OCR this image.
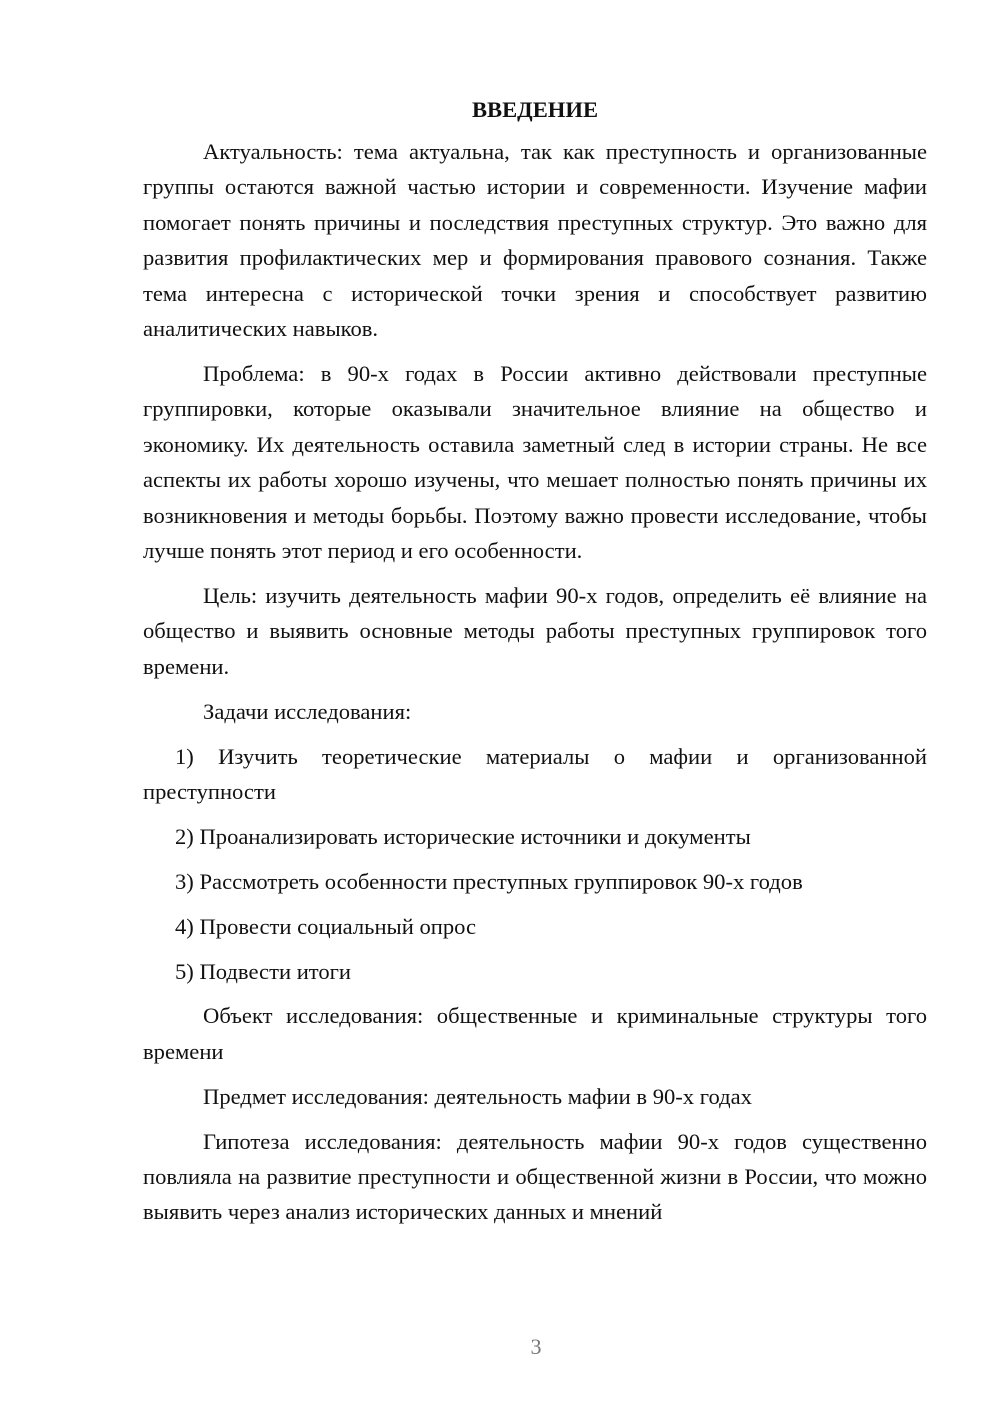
ВВЕДЕНИЕ

Актуальность: тема актуальна, так как преступность и организованные группы остаются важной частью истории и современности. Изучение мафии помогает понять причины и последствия преступных структур. Это важно для развития профилактических мер и формирования правового сознания. Также тема интересна с исторической точки зрения и способствует развитию аналитических навыков.

Проблема: в 90-х годах в России активно действовали преступные группировки, которые оказывали значительное влияние на общество и экономику. Их деятельность оставила заметный след в истории страны. Не все аспекты их работы хорошо изучены, что мешает полностью понять причины их возникновения и методы борьбы. Поэтому важно провести исследование, чтобы лучше понять этот период и его особенности.

Цель: изучить деятельность мафии 90-х годов, определить её влияние на общество и выявить основные методы работы преступных группировок того времени.

Задачи исследования:

1) Изучить теоретические материалы о мафии и организованной преступности

2) Проанализировать исторические источники и документы

3) Рассмотреть особенности преступных группировок 90-х годов

4) Провести социальный опрос

5) Подвести итоги

Объект исследования: общественные и криминальные структуры того времени

Предмет исследования: деятельность мафии в 90-х годах

Гипотеза исследования: деятельность мафии 90-х годов существенно повлияла на развитие преступности и общественной жизни в России, что можно выявить через анализ исторических данных и мнений

3
